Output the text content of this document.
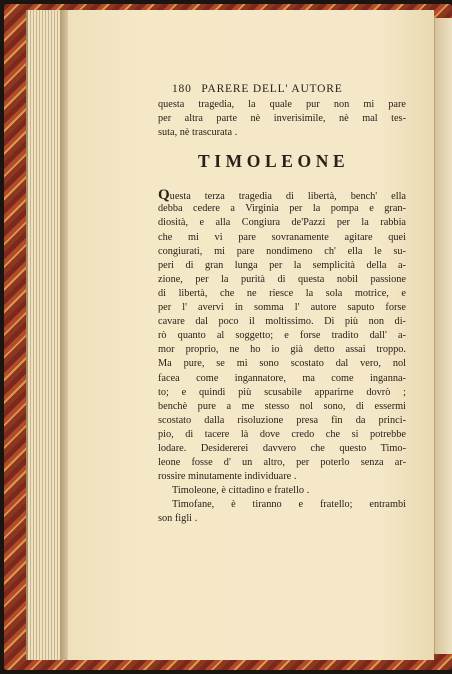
180 PARERE DELL' AUTORE
questa tragedia, la quale pur non mi pare
per altra parte nè inverisimile, nè mal tes-
suta, nè trascurata .
TIMOLEONE
Questa terza tragedia di libertà, bench' ella
debba cedere a Virginia per la pompa e gran-
diosità, e alla Congiura de'Pazzi per la rabbia
che mi vi pare sovranamente agitare quei
congiurati, mi pare nondimeno ch' ella le su-
peri di gran lunga per la semplicità della a-
zione, per la purità di questa nobil passione
di libertà, che ne riesce la sola motrice, e
per l' avervi in somma l' autore saputo forse
cavare dal poco il moltissimo. Di più non di-
rò quanto al soggetto; e forse tradito dall' a-
mor proprio, ne ho io già detto assai troppo.
Ma pure, se mi sono scostato dal vero, nol
facea come ingannatore, ma come inganna-
to; e quindi più scusabile apparirne dovrò ;
benchè pure a me stesso nol sono, di essermi
scostato dalla risoluzione presa fin da princi-
pio, di tacere là dove credo che si potrebbe
lodare. Desidererei davvero che questo Timo-
leone fosse d' un altro, per poterlo senza ar-
rossire minutamente individuare .
Timoleone, è cittadino e fratello .
Timofane, è tiranno e fratello; entrambi
son figli .
